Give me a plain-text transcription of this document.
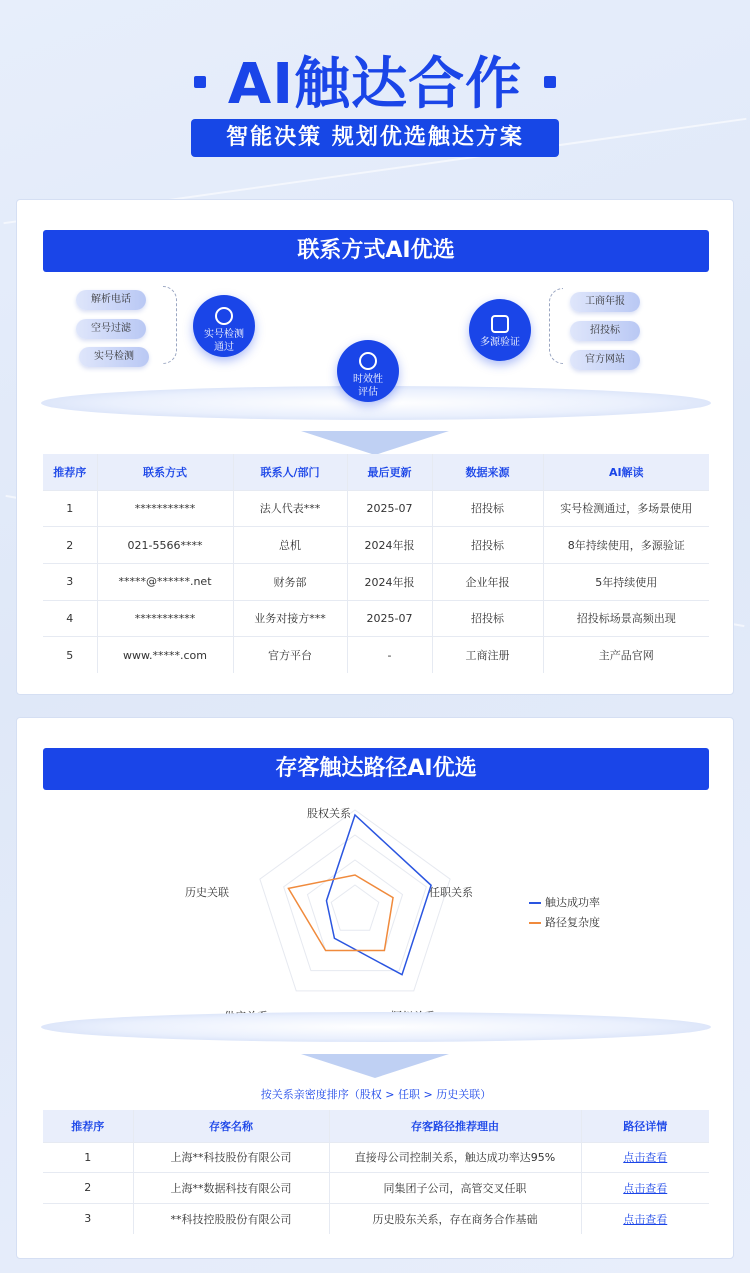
AI触达合作
智能决策 规划优选触达方案
联系方式AI优选
解析电话
空号过滤
实号检测
实号检测
通过
时效性
评估
多源验证
工商年报
招投标
官方网站
推荐序	联系方式	联系人/部门	最后更新	数据来源	AI解读
1	***********	法人代表***	2025-07	招投标	实号检测通过，多场景使用
2	021-5566****	总机	2024年报	招投标	8年持续使用，多源验证
3	*****@******.net	财务部	2024年报	企业年报	5年持续使用
4	***********	业务对接方***	2025-07	招投标	招投标场景高频出现
5	www.*****.com	官方平台	-	工商注册	主产品官网
存客触达路径AI优选
股权关系
任职关系
历史关联
触达成功率
路径复杂度
按关系亲密度排序（股权 > 任职 > 历史关联）
推荐序	存客名称	存客路径推荐理由	路径详情
1	上海**科技股份有限公司	直接母公司控制关系，触达成功率达95%	点击查看
2	上海**数据科技有限公司	同集团子公司，高管交叉任职	点击查看
3	**科技控股股份有限公司	历史股东关系，存在商务合作基础	点击查看
